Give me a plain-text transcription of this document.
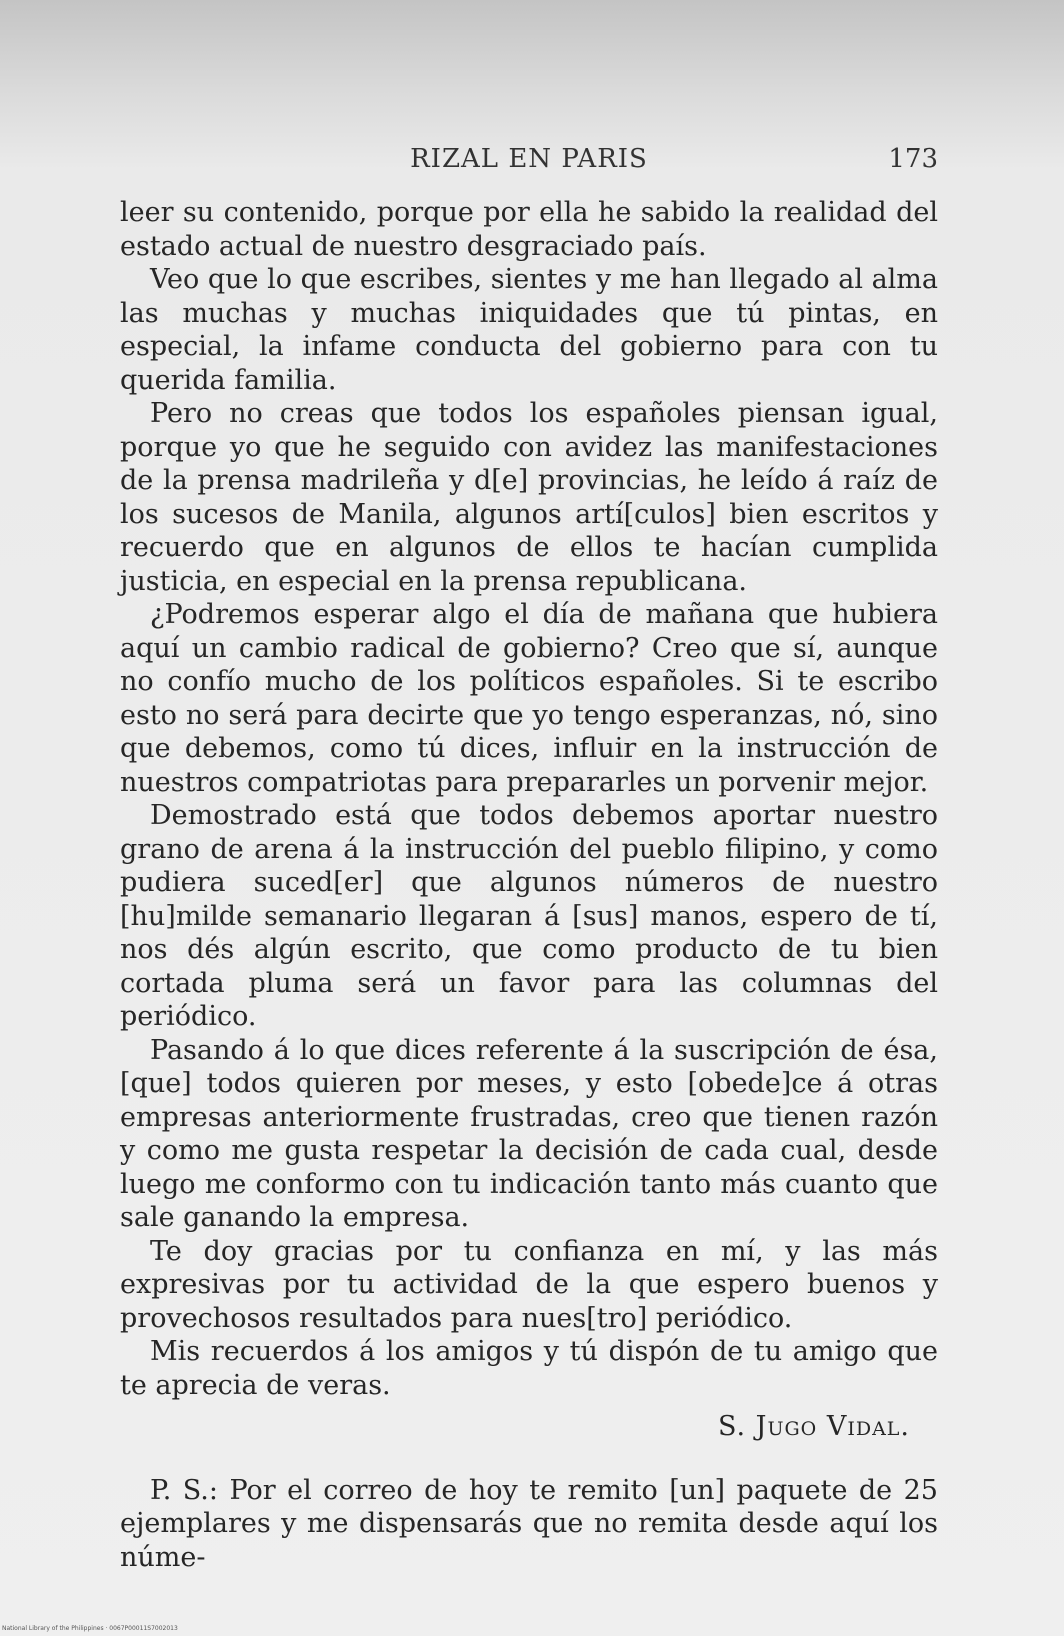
RIZAL EN PARIS	173

leer su contenido, porque por ella he sabido la realidad del estado actual de nuestro desgraciado país.

Veo que lo que escribes, sientes y me han llegado al alma las muchas y muchas iniquidades que tú pintas, en especial, la infame conducta del gobierno para con tu querida familia.

Pero no creas que todos los españoles piensan igual, porque yo que he seguido con avidez las manifestaciones de la prensa madrileña y d[e] provincias, he leído á raíz de los sucesos de Manila, algunos artí[culos] bien escritos y recuerdo que en algunos de ellos te hacían cumplida justicia, en especial en la prensa republicana.

¿Podremos esperar algo el día de mañana que hubiera aquí un cambio radical de gobierno? Creo que sí, aunque no confío mucho de los políticos españoles. Si te escribo esto no será para decirte que yo tengo esperanzas, nó, sino que debemos, como tú dices, influir en la instrucción de nuestros compatriotas para prepararles un porvenir mejor.

Demostrado está que todos debemos aportar nuestro grano de arena á la instrucción del pueblo filipino, y como pudiera suced[er] que algunos números de nuestro [hu]milde semanario llegaran á [sus] manos, espero de tí, nos dés algún escrito, que como producto de tu bien cortada pluma será un favor para las columnas del periódico.

Pasando á lo que dices referente á la suscripción de ésa, [que] todos quieren por meses, y esto [obede]ce á otras empresas anteriormente frustradas, creo que tienen razón y como me gusta respetar la decisión de cada cual, desde luego me conformo con tu indicación tanto más cuanto que sale ganando la empresa.

Te doy gracias por tu confianza en mí, y las más expresivas por tu actividad de la que espero buenos y provechosos resultados para nues[tro] periódico.

Mis recuerdos á los amigos y tú dispón de tu amigo que te aprecia de veras.

S. Jugo Vidal.

P. S.: Por el correo de hoy te remito [un] paquete de 25 ejemplares y me dispensarás que no remita desde aquí los núme-

National Library of the Philippines · 0067P00011S7002013
